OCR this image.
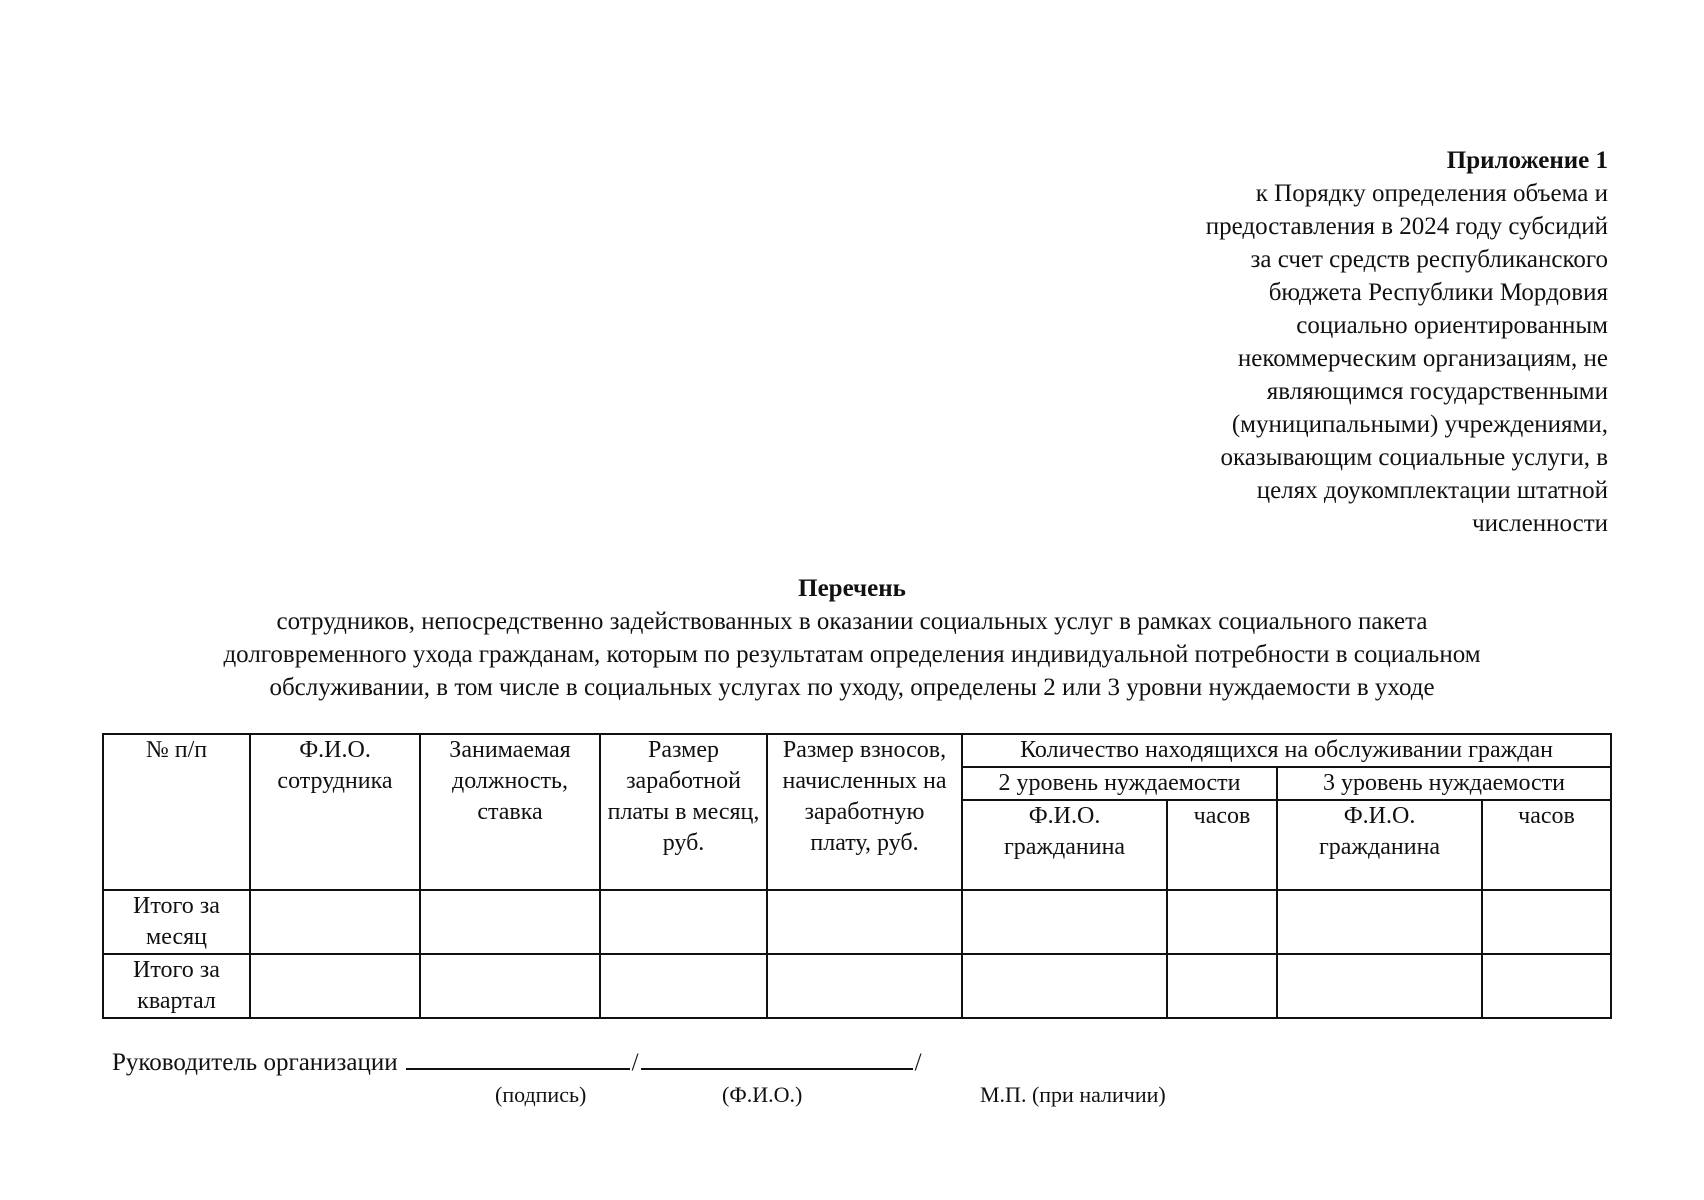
Приложение 1
к Порядку определения объема и
предоставления в 2024 году субсидий
за счет средств республиканского
бюджета Республики Мордовия
социально ориентированным
некоммерческим организациям, не
являющимся государственными
(муниципальными) учреждениями,
оказывающим социальные услуги, в
целях доукомплектации штатной
численности
Перечень
сотрудников, непосредственно задействованных в оказании социальных услуг в рамках социального пакета
долговременного ухода гражданам, которым по результатам определения индивидуальной потребности в социальном
обслуживании, в том числе в социальных услугах по уходу, определены 2 или 3 уровни нуждаемости в уходе
№ п/п	Ф.И.О. сотрудника	Занимаемая должность, ставка	Размер заработной платы в месяц, руб.	Размер взносов, начисленных на заработную плату, руб.	Количество находящихся на обслуживании граждан			
					2 уровень нуждаемости		3 уровень нуждаемости	
					Ф.И.О. гражданина	часов	Ф.И.О. гражданина	часов
Итого за месяц								
Итого за квартал								
Руководитель организации	/	/
(подпись)	(Ф.И.О.)	М.П. (при наличии)
